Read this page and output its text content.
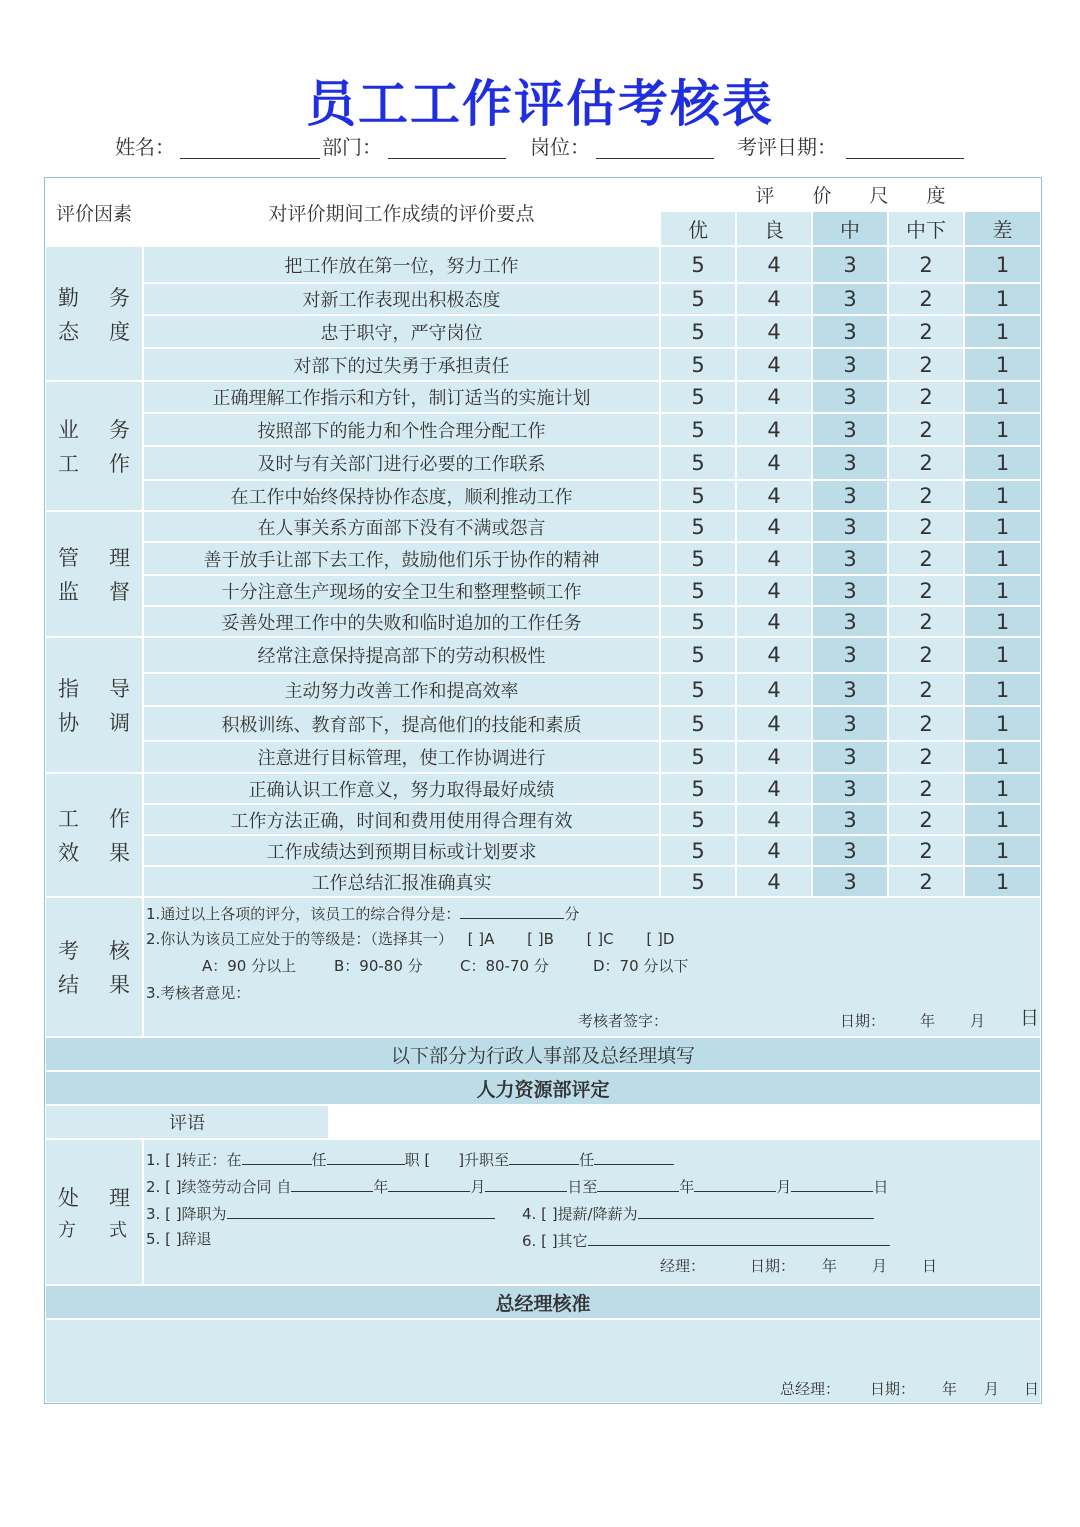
员工工作评估考核表
姓名：	部门：	岗位：	考评日期：
评价因素	对评价期间工作成绩的评价要点
评　　价　　尺　　度
优	良	中	中下	差
勤 务
态 度
把工作放在第一位，努力工作	5	4	3	2	1
对新工作表现出积极态度	5	4	3	2	1
忠于职守，严守岗位	5	4	3	2	1
对部下的过失勇于承担责任	5	4	3	2	1
业 务
工 作
正确理解工作指示和方针，制订适当的实施计划	5	4	3	2	1
按照部下的能力和个性合理分配工作	5	4	3	2	1
及时与有关部门进行必要的工作联系	5	4	3	2	1
在工作中始终保持协作态度，顺利推动工作	5	4	3	2	1
管 理
监 督
在人事关系方面部下没有不满或怨言	5	4	3	2	1
善于放手让部下去工作，鼓励他们乐于协作的精神	5	4	3	2	1
十分注意生产现场的安全卫生和整理整顿工作	5	4	3	2	1
妥善处理工作中的失败和临时追加的工作任务	5	4	3	2	1
指 导
协 调
经常注意保持提高部下的劳动积极性	5	4	3	2	1
主动努力改善工作和提高效率	5	4	3	2	1
积极训练、教育部下，提高他们的技能和素质	5	4	3	2	1
注意进行目标管理，使工作协调进行	5	4	3	2	1
工 作
效 果
正确认识工作意义，努力取得最好成绩	5	4	3	2	1
工作方法正确，时间和费用使用得合理有效	5	4	3	2	1
工作成绩达到预期目标或计划要求	5	4	3	2	1
工作总结汇报准确真实	5	4	3	2	1
考 核
结 果
1.通过以上各项的评分，该员工的综合得分是：	分
2.你认为该员工应处于的等级是：（选择其一） [ ]A [ ]B [ ]C [ ]D
A：90 分以上	B：90-80 分 C：80-70 分	D：70 分以下
3.考核者意见：
考核者签字：	日期： 年 月 日
以下部分为行政人事部及总经理填写
人力资源部评定
评语
处 理
方 式
1. [ ]转正：在	任	职 [ ]升职至	任
2. [ ]续签劳动合同 自	年	月	日至	年	月	日
3. [ ]降职为	4. [ ]提薪/降薪为
5. [ ]辞退	6. [ ]其它
经理：	日期： 年 月 日
总经理核准
总经理： 日期： 年 月 日
